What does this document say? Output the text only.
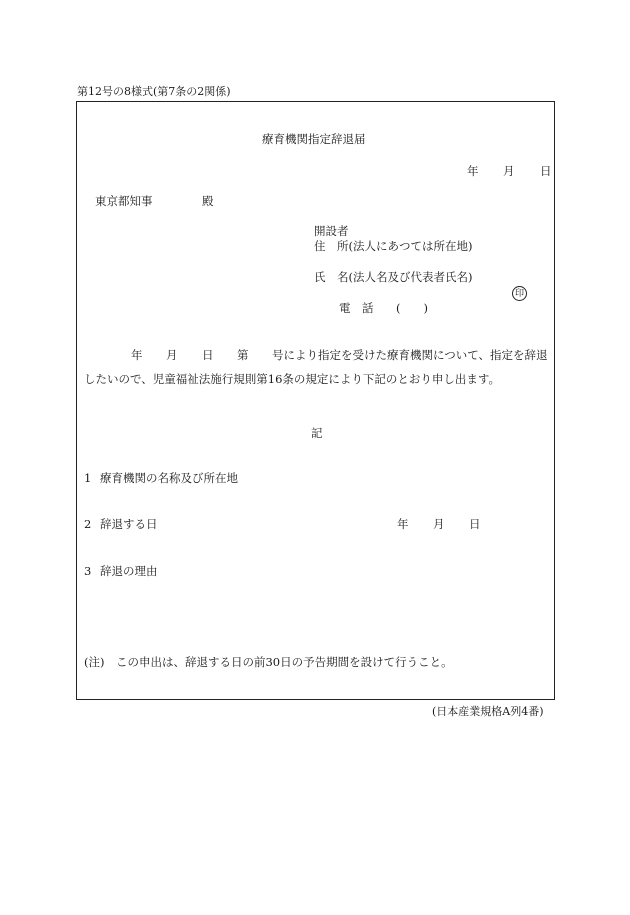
第12号の8様式(第7条の2関係)
療育機関指定辞退届
年 月 日
東京都知事	殿
開設者
住　所(法人にあつては所在地)
氏　名(法人名及び代表者氏名)
印
電　話 (　　)
年 月 日 第 号により指定を受けた療育機関について、指定を辞退
したいので、児童福祉法施行規則第16条の規定により下記のとおり申し出ます。
記
1 療育機関の名称及び所在地
2 辞退する日	年 月 日
3 辞退の理由
(注)　この申出は、辞退する日の前30日の予告期間を設けて行うこと。
(日本産業規格A列4番)
